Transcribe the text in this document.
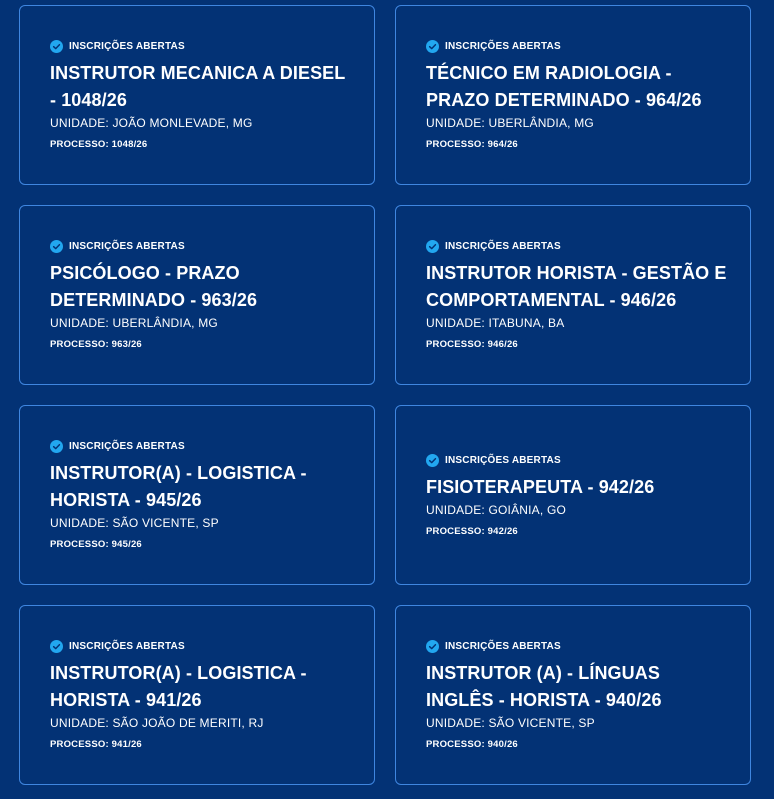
INSCRIÇÕES ABERTAS
INSTRUTOR MECANICA A DIESEL - 1048/26
UNIDADE: JOÃO MONLEVADE, MG
PROCESSO: 1048/26
INSCRIÇÕES ABERTAS
TÉCNICO EM RADIOLOGIA - PRAZO DETERMINADO - 964/26
UNIDADE: UBERLÂNDIA, MG
PROCESSO: 964/26
INSCRIÇÕES ABERTAS
PSICÓLOGO - PRAZO DETERMINADO - 963/26
UNIDADE: UBERLÂNDIA, MG
PROCESSO: 963/26
INSCRIÇÕES ABERTAS
INSTRUTOR HORISTA - GESTÃO E COMPORTAMENTAL - 946/26
UNIDADE: ITABUNA, BA
PROCESSO: 946/26
INSCRIÇÕES ABERTAS
INSTRUTOR(A) - LOGISTICA - HORISTA - 945/26
UNIDADE: SÃO VICENTE, SP
PROCESSO: 945/26
INSCRIÇÕES ABERTAS
FISIOTERAPEUTA - 942/26
UNIDADE: GOIÂNIA, GO
PROCESSO: 942/26
INSCRIÇÕES ABERTAS
INSTRUTOR(A) - LOGISTICA - HORISTA - 941/26
UNIDADE: SÃO JOÃO DE MERITI, RJ
PROCESSO: 941/26
INSCRIÇÕES ABERTAS
INSTRUTOR (A) - LÍNGUAS INGLÊS - HORISTA - 940/26
UNIDADE: SÃO VICENTE, SP
PROCESSO: 940/26
